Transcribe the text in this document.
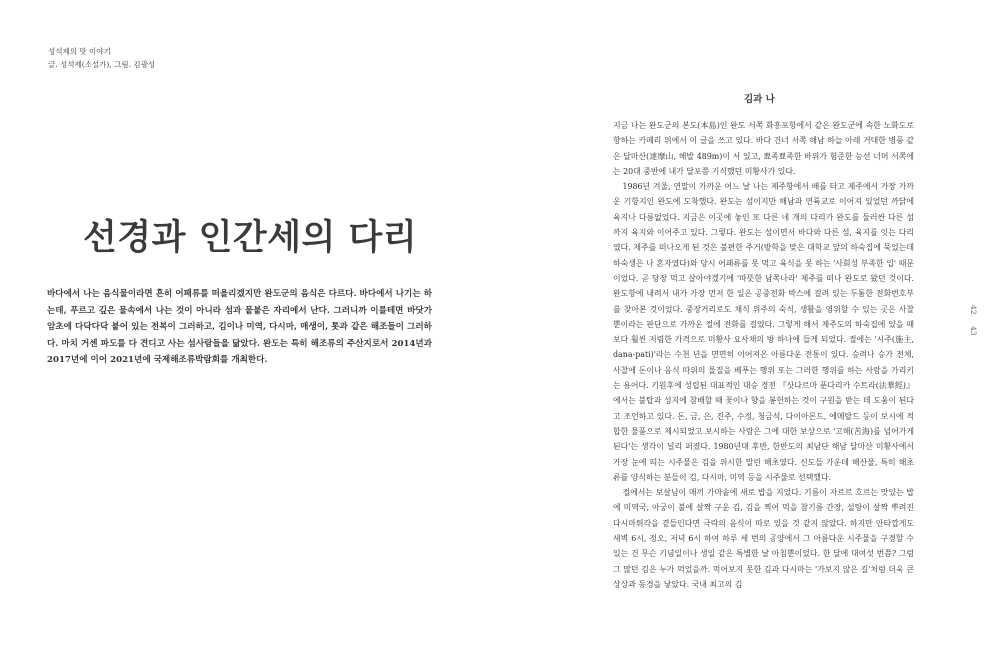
성석제의 맛 이야기
글. 성석제(소설가), 그림. 김광성
선경과 인간세의 다리
바다에서 나는 음식물이라면 흔히 어패류를 떠올리겠지만 완도군의 음식은 다르다. 바다에서 나기는 하는데, 푸르고 깊은 물속에서 나는 것이 아니라 섬과 뭍붙은 자리에서 난다. 그러니까 이를테면 바닷가 암초에 다닥다닥 붙어 있는 전복이 그러하고, 김이나 미역, 다시마, 매생이, 톳과 같은 해조들이 그러하다. 마치 거센 파도를 다 견디고 사는 섬사람들을 닮았다. 완도는 특히 해조류의 주산지로서 2014년과 2017년에 이어 2021년에 국제해조류박람회를 개최한다.
42
43
김과 나

지금 나는 완도군의 본도(本島)인 완도 서쪽 화흥포항에서 같은 완도군에 속한 노화도로 향하는 카페리 위에서 이 글을 쓰고 있다. 바다 건너 서쪽 해남 하늘 아래 거대한 병풍 같은 달마산(達摩山, 해발 489m)이 서 있고, 뾰족뾰족한 바위가 험준한 능선 너머 서쪽에는 20대 중반에 내가 달포쯤 기식했던 미황사가 있다.

1986년 겨울, 연말이 가까운 어느 날 나는 제주항에서 배를 타고 제주에서 가장 가까운 기항지인 완도에 도착했다. 완도는 섬이지만 해남과 연륙교로 이어져 있었던 까닭에 육지나 다름없었다. 지금은 이곳에 놓인 또 다른 네 개의 다리가 완도를 둘러싼 다른 섬까지 육지와 이어주고 있다. 그렇다. 완도는 섬이면서 바다와 다른 섬, 육지를 잇는 다리였다. 제주를 떠나오게 된 것은 불편한 주거(방학을 맞은 대학교 앞의 하숙집에 묵었는데 하숙생은 나 혼자였다)와 당시 어패류를 못 먹고 육식을 못 하는 '사회성 부족한 입' 때문이었다. 곧 당장 먹고 살아야겠기에 '따뜻한 남쪽나라' 제주를 떠나 완도로 왔던 것이다. 완도항에 내려서 내가 가장 먼저 한 일은 공중전화 박스에 걸려 있는 두툼한 전화번호부를 찾아본 것이었다. 중장거리로도 채식 위주의 숙식, 생활을 영위할 수 있는 곳은 사찰뿐이라는 판단으로 가까운 절에 전화를 걸었다. 그렇게 해서 제주도의 하숙집에 있을 때보다 훨씬 저렴한 가격으로 미황사 요사채의 방 하나에 들게 되었다. 절에는 '시주(施主, dana-pati)'라는 수천 년을 면면히 이어져온 아름다운 전통이 있다. 승려나 승가 전체, 사찰에 돈이나 음식 따위의 물질을 베푸는 행위 또는 그러한 행위를 하는 사람을 가리키는 용어다. 기원후에 성립된 대표적인 대승 경전 『삿다르마 푼다리카 수트라(法華經)』에서는 불탑과 성지에 참배할 때 꽃이나 향을 봉헌하는 것이 구원을 받는 데 도움이 된다고 조언하고 있다. 돈, 금, 은, 진주, 수정, 청금석, 다이아몬드, 에메랄드 등이 보시에 적합한 물품으로 제시되었고 보시하는 사람은 그에 대한 보상으로 '고해(苦海)를 넘어가게 된다'는 생각이 널리 퍼졌다. 1980년대 후반, 한반도의 최남단 해남 달마산 미황사에서 가장 눈에 띄는 시주물은 김을 위시한 말린 해초였다. 신도들 가운데 해산물, 특히 해초류를 양식하는 분들이 김, 다시마, 미역 등을 시주물로 선택했다.

절에서는 보살님이 매끼 가마솥에 새로 밥을 지었다. 기름이 자르르 흐르는 맛있는 밥에 미역국, 아궁이 불에 살짝 구운 김, 김을 찍어 먹을 참기름 간장, 설탕이 살짝 뿌려진 다시마튀각을 곁들인다면 극락의 음식이 따로 있을 것 같지 않았다. 하지만 안타깝게도 새벽 6시, 정오, 저녁 6시 하여 하루 세 번의 공양에서 그 아름다운 시주물을 구경할 수 있는 건 무슨 기념일이나 생일 같은 특별한 날 아침뿐이었다. 한 달에 대여섯 번쯤? 그럼 그 많던 김은 누가 먹었을까. 먹어보지 못한 김과 다시마는 '가보지 않은 길'처럼 더욱 큰 상상과 동경을 낳았다. 국내 최고의 김
